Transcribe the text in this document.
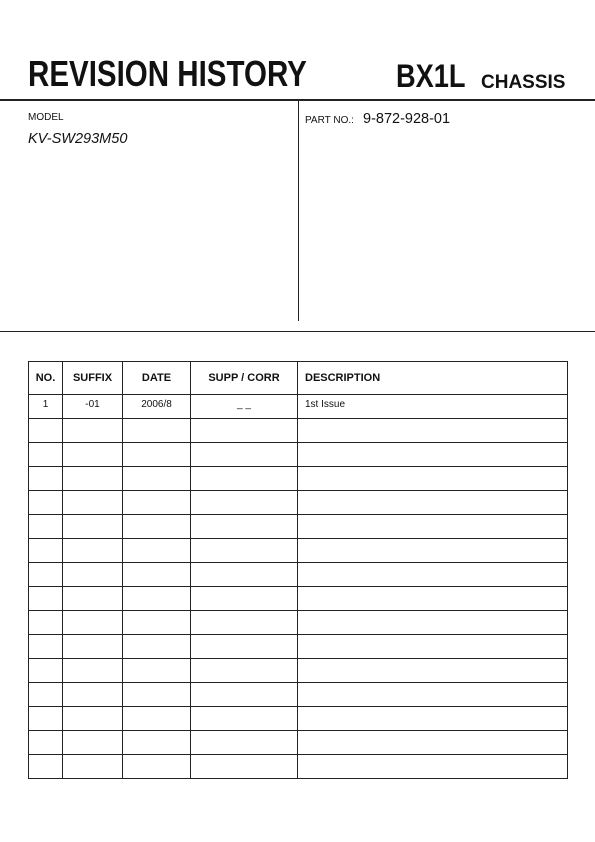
REVISION HISTORY	BX1L CHASSIS
MODEL
KV-SW293M50
PART NO.: 9-872-928-01
NO.	SUFFIX	DATE	SUPP / CORR	DESCRIPTION
1	-01	2006/8	_ _	1st Issue
